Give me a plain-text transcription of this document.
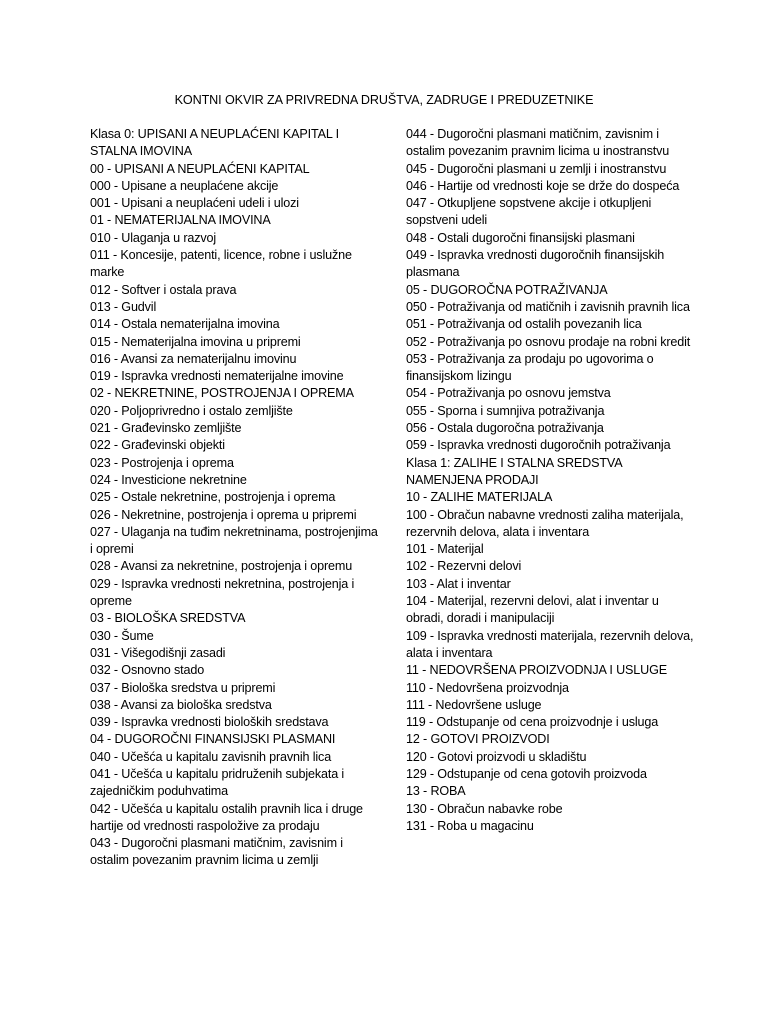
KONTNI OKVIR ZA PRIVREDNA DRUŠTVA, ZADRUGE I PREDUZETNIKE

Klasa 0: UPISANI A NEUPLAĆENI KAPITAL I STALNA IMOVINA

00 - UPISANI A NEUPLAĆENI KAPITAL

000 - Upisane a neuplaćene akcije

001 - Upisani a neuplaćeni udeli i ulozi

01 - NEMATERIJALNA IMOVINA

010 - Ulaganja u razvoj

011 - Koncesije, patenti, licence, robne i uslužne marke

012 - Softver i ostala prava

013 - Gudvil

014 - Ostala nematerijalna imovina

015 - Nematerijalna imovina u pripremi

016 - Avansi za nematerijalnu imovinu

019 - Ispravka vrednosti nematerijalne imovine

02 - NEKRETNINE, POSTROJENJA I OPREMA

020 - Poljoprivredno i ostalo zemljište

021 - Građevinsko zemljište

022 - Građevinski objekti

023 - Postrojenja i oprema

024 - Investicione nekretnine

025 - Ostale nekretnine, postrojenja i oprema

026 - Nekretnine, postrojenja i oprema u pripremi

027 - Ulaganja na tuđim nekretninama, postrojenjima i opremi

028 - Avansi za nekretnine, postrojenja i opremu

029 - Ispravka vrednosti nekretnina, postrojenja i opreme

03 - BIOLOŠKA SREDSTVA

030 - Šume

031 - Višegodišnji zasadi

032 - Osnovno stado

037 - Biološka sredstva u pripremi

038 - Avansi za biološka sredstva

039 - Ispravka vrednosti bioloških sredstava

04 - DUGOROČNI FINANSIJSKI PLASMANI

040 - Učešća u kapitalu zavisnih pravnih lica

041 - Učešća u kapitalu pridruženih subjekata i zajedničkim poduhvatima

042 - Učešća u kapitalu ostalih pravnih lica i druge hartije od vrednosti raspoložive za prodaju

043 - Dugoročni plasmani matičnim, zavisnim i ostalim povezanim pravnim licima u zemlji

044 - Dugoročni plasmani matičnim, zavisnim i ostalim povezanim pravnim licima u inostranstvu

045 - Dugoročni plasmani u zemlji i inostranstvu

046 - Hartije od vrednosti koje se drže do dospeća

047 - Otkupljene sopstvene akcije i otkupljeni sopstveni udeli

048 - Ostali dugoročni finansijski plasmani

049 - Ispravka vrednosti dugoročnih finansijskih plasmana

05 - DUGOROČNA POTRAŽIVANJA

050 - Potraživanja od matičnih i zavisnih pravnih lica

051 - Potraživanja od ostalih povezanih lica

052 - Potraživanja po osnovu prodaje na robni kredit

053 - Potraživanja za prodaju po ugovorima o finansijskom lizingu

054 - Potraživanja po osnovu jemstva

055 - Sporna i sumnjiva potraživanja

056 - Ostala dugoročna potraživanja

059 - Ispravka vrednosti dugoročnih potraživanja

Klasa 1: ZALIHE I STALNA SREDSTVA NAMENJENA PRODAJI

10 - ZALIHE MATERIJALA

100 - Obračun nabavne vrednosti zaliha materijala, rezervnih delova, alata i inventara

101 - Materijal

102 - Rezervni delovi

103 - Alat i inventar

104 - Materijal, rezervni delovi, alat i inventar u obradi, doradi i manipulaciji

109 - Ispravka vrednosti materijala, rezervnih delova, alata i inventara

11 - NEDOVRŠENA PROIZVODNJA I USLUGE

110 - Nedovršena proizvodnja

111 - Nedovršene usluge

119 - Odstupanje od cena proizvodnje i usluga

12 - GOTOVI PROIZVODI

120 - Gotovi proizvodi u skladištu

129 - Odstupanje od cena gotovih proizvoda

13 - ROBA

130 - Obračun nabavke robe

131 - Roba u magacinu
